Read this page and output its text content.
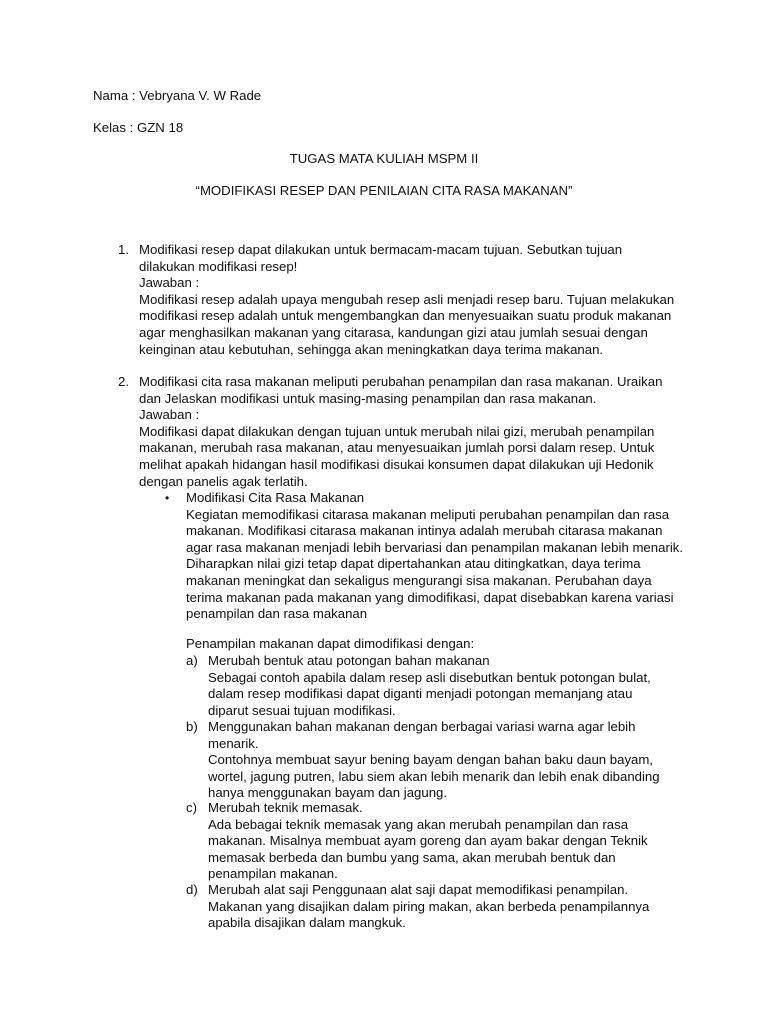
Nama : Vebryana V. W Rade
Kelas : GZN 18
TUGAS MATA KULIAH MSPM II
“MODIFIKASI RESEP DAN PENILAIAN CITA RASA MAKANAN”
1. Modifikasi resep dapat dilakukan untuk bermacam-macam tujuan. Sebutkan tujuan
dilakukan modifikasi resep!
Jawaban :
Modifikasi resep adalah upaya mengubah resep asli menjadi resep baru. Tujuan melakukan
modifikasi resep adalah untuk mengembangkan dan menyesuaikan suatu produk makanan
agar menghasilkan makanan yang citarasa, kandungan gizi atau jumlah sesuai dengan
keinginan atau kebutuhan, sehingga akan meningkatkan daya terima makanan.
2. Modifikasi cita rasa makanan meliputi perubahan penampilan dan rasa makanan. Uraikan
dan Jelaskan modifikasi untuk masing-masing penampilan dan rasa makanan.
Jawaban :
Modifikasi dapat dilakukan dengan tujuan untuk merubah nilai gizi, merubah penampilan
makanan, merubah rasa makanan, atau menyesuaikan jumlah porsi dalam resep. Untuk
melihat apakah hidangan hasil modifikasi disukai konsumen dapat dilakukan uji Hedonik
dengan panelis agak terlatih.
• Modifikasi Cita Rasa Makanan
Kegiatan memodifikasi citarasa makanan meliputi perubahan penampilan dan rasa
makanan. Modifikasi citarasa makanan intinya adalah merubah citarasa makanan
agar rasa makanan menjadi lebih bervariasi dan penampilan makanan lebih menarik.
Diharapkan nilai gizi tetap dapat dipertahankan atau ditingkatkan, daya terima
makanan meningkat dan sekaligus mengurangi sisa makanan. Perubahan daya
terima makanan pada makanan yang dimodifikasi, dapat disebabkan karena variasi
penampilan dan rasa makanan
Penampilan makanan dapat dimodifikasi dengan:
a) Merubah bentuk atau potongan bahan makanan
Sebagai contoh apabila dalam resep asli disebutkan bentuk potongan bulat,
dalam resep modifikasi dapat diganti menjadi potongan memanjang atau
diparut sesuai tujuan modifikasi.
b) Menggunakan bahan makanan dengan berbagai variasi warna agar lebih
menarik.
Contohnya membuat sayur bening bayam dengan bahan baku daun bayam,
wortel, jagung putren, labu siem akan lebih menarik dan lebih enak dibanding
hanya menggunakan bayam dan jagung.
c) Merubah teknik memasak.
Ada bebagai teknik memasak yang akan merubah penampilan dan rasa
makanan. Misalnya membuat ayam goreng dan ayam bakar dengan Teknik
memasak berbeda dan bumbu yang sama, akan merubah bentuk dan
penampilan makanan.
d) Merubah alat saji Penggunaan alat saji dapat memodifikasi penampilan.
Makanan yang disajikan dalam piring makan, akan berbeda penampilannya
apabila disajikan dalam mangkuk.
